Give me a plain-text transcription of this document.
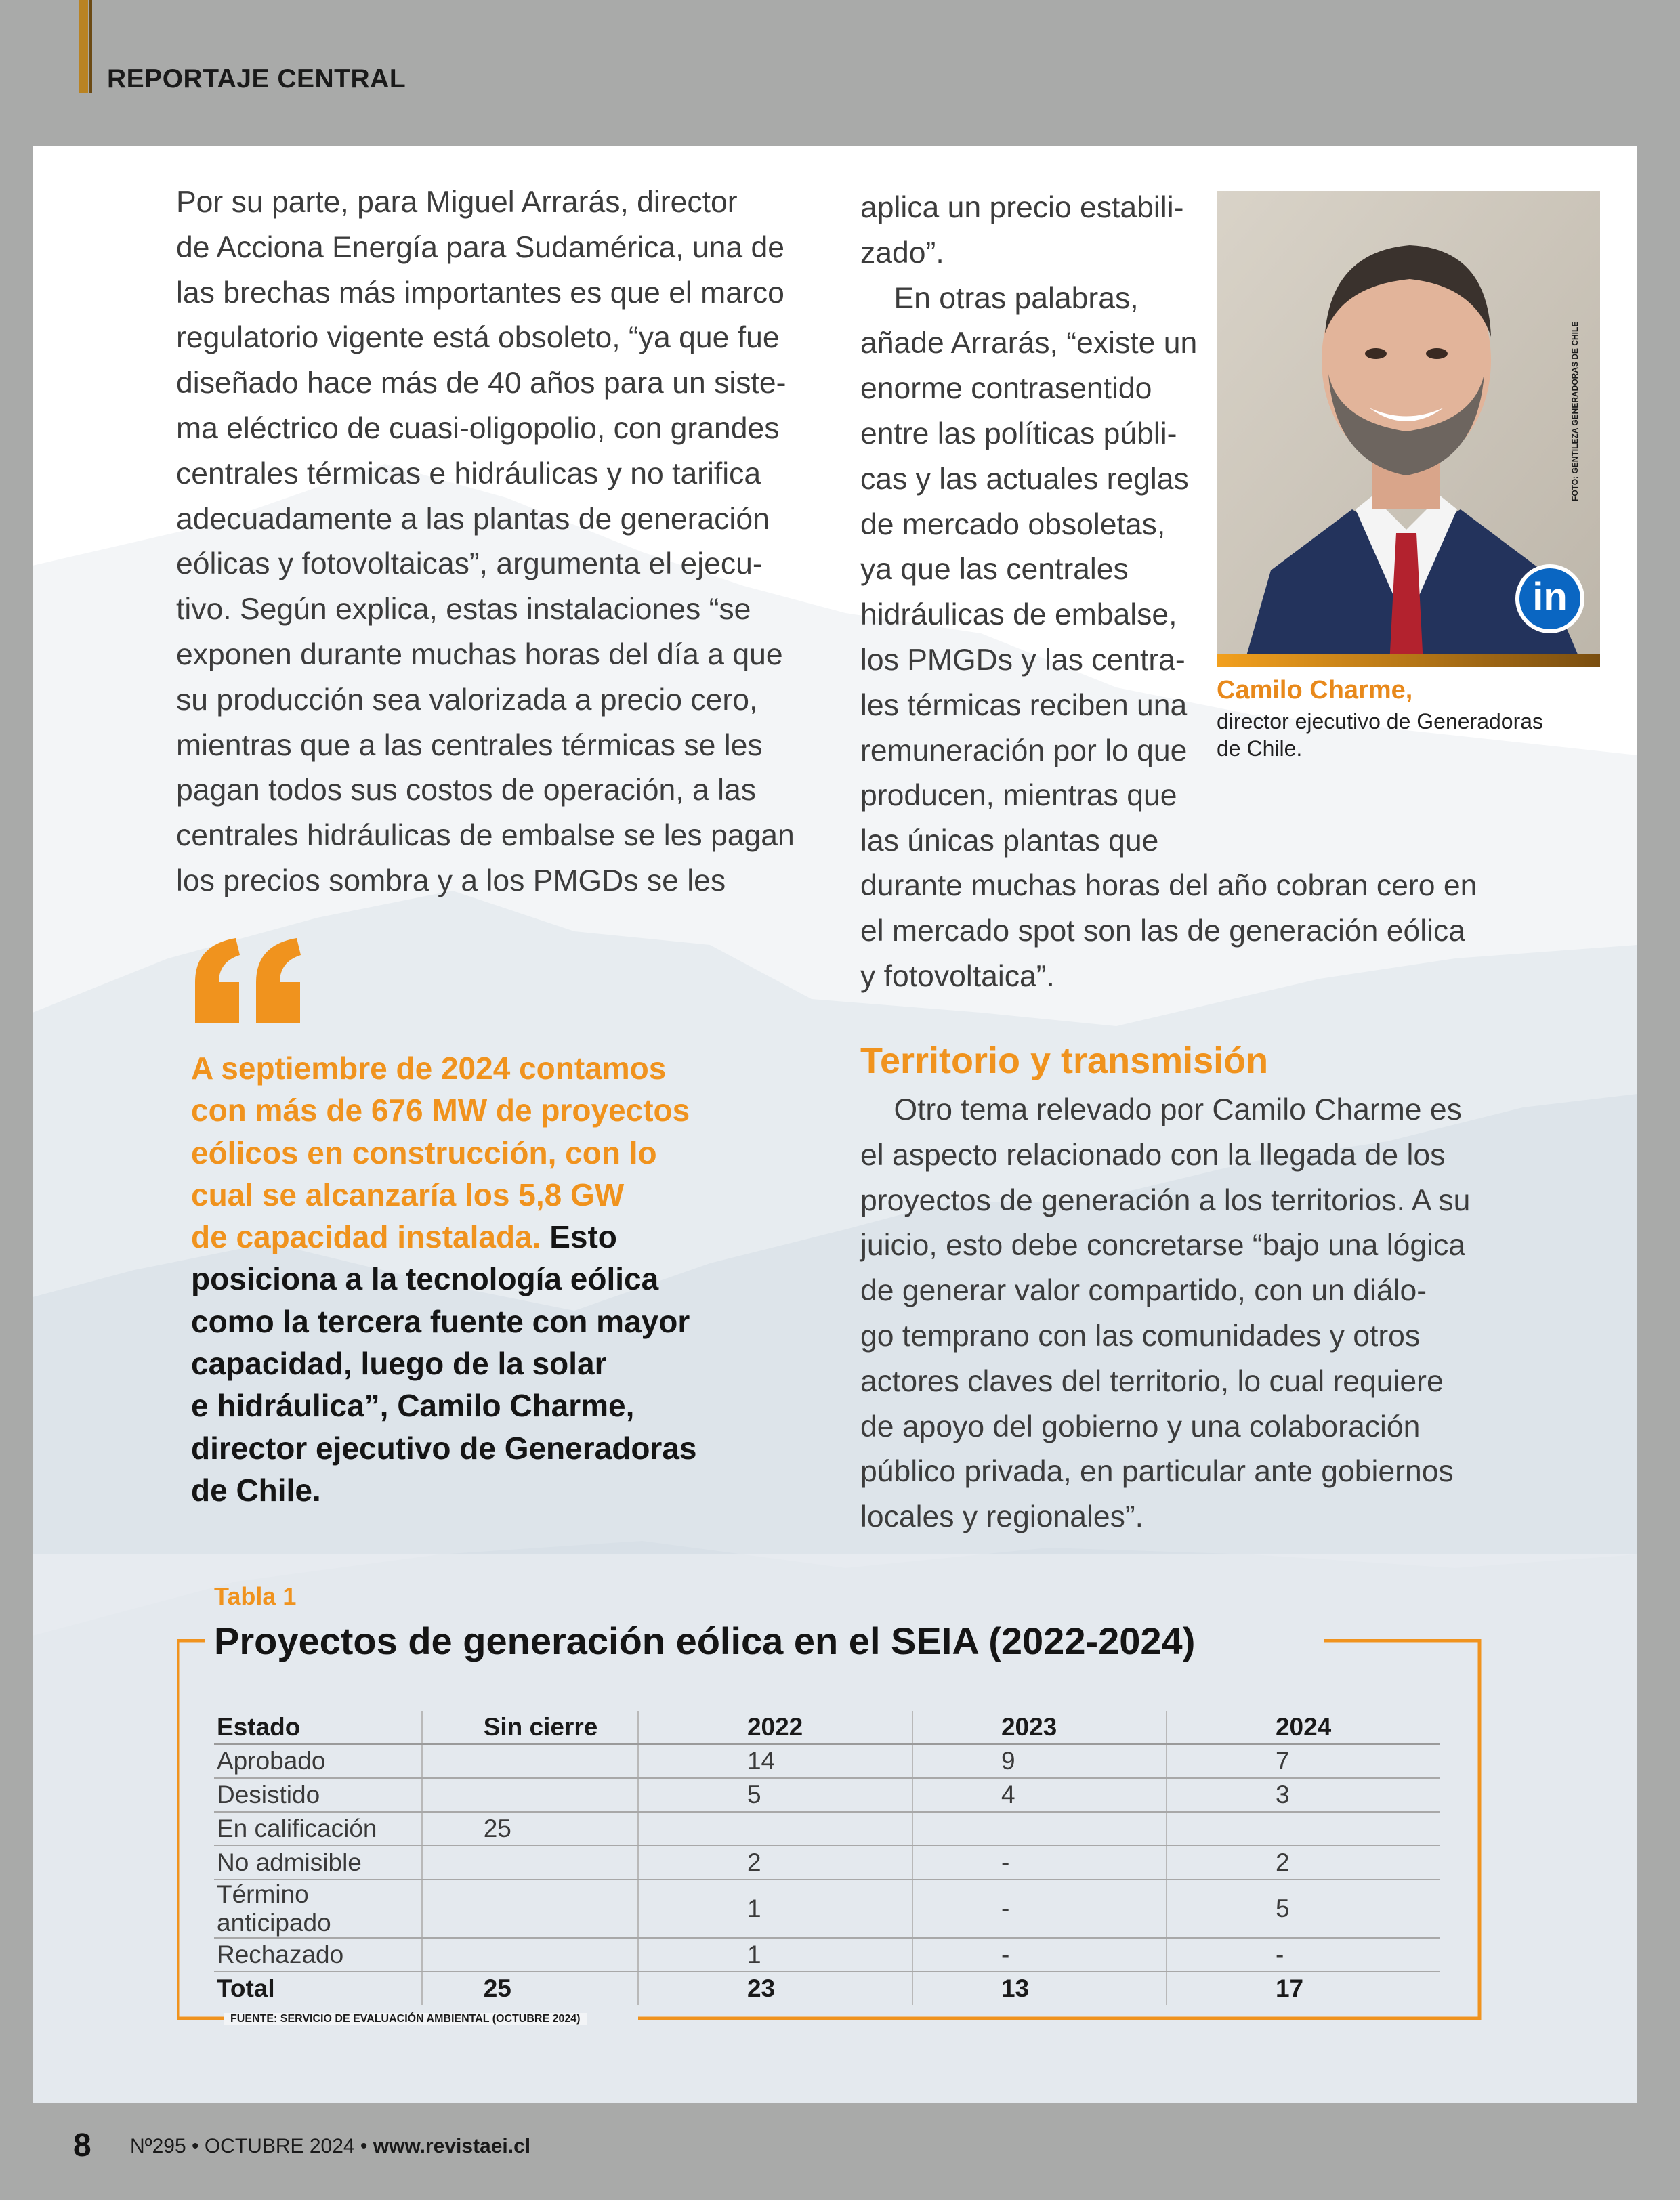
REPORTAJE CENTRAL
Por su parte, para Miguel Arrarás, director
de Acciona Energía para Sudamérica, una de
las brechas más importantes es que el marco
regulatorio vigente está obsoleto, “ya que fue
diseñado hace más de 40 años para un siste-
ma eléctrico de cuasi-oligopolio, con grandes
centrales térmicas e hidráulicas y no tarifica
adecuadamente a las plantas de generación
eólicas y fotovoltaicas”, argumenta el ejecu-
tivo. Según explica, estas instalaciones “se
exponen durante muchas horas del día a que
su producción sea valorizada a precio cero,
mientras que a las centrales térmicas se les
pagan todos sus costos de operación, a las
centrales hidráulicas de embalse se les pagan
los precios sombra y a los PMGDs se les
aplica un precio estabili-
zado”.
En otras palabras,
añade Arrarás, “existe un
enorme contrasentido
entre las políticas públi-
cas y las actuales reglas
de mercado obsoletas,
ya que las centrales
hidráulicas de embalse,
los PMGDs y las centra-
les térmicas reciben una
remuneración por lo que
producen, mientras que
las únicas plantas que
durante muchas horas del año cobran cero en
el mercado spot son las de generación eólica
y fotovoltaica”.
Territorio y transmisión
Otro tema relevado por Camilo Charme es
el aspecto relacionado con la llegada de los
proyectos de generación a los territorios. A su
juicio, esto debe concretarse “bajo una lógica
de generar valor compartido, con un diálo-
go temprano con las comunidades y otros
actores claves del territorio, lo cual requiere
de apoyo del gobierno y una colaboración
público privada, en particular ante gobiernos
locales y regionales”.
in
FOTO: GENTILEZA GENERADORAS DE CHILE
Camilo Charme,
director ejecutivo de Generadoras
de Chile.
A septiembre de 2024 contamos
con más de 676 MW de proyectos
eólicos en construcción, con lo
cual se alcanzaría los 5,8 GW
de capacidad instalada. Esto
posiciona a la tecnología eólica
como la tercera fuente con mayor
capacidad, luego de la solar
e hidráulica”, Camilo Charme,
director ejecutivo de Generadoras
de Chile.
Tabla 1
Proyectos de generación eólica en el SEIA (2022-2024)
Estado	Sin cierre	2022	2023	2024
Aprobado		14	9	7
Desistido		5	4	3
En calificación	25			
No admisible		2	-	2
Término anticipado		1	-	5
Rechazado		1	-	-
Total	25	23	13	17
FUENTE: SERVICIO DE EVALUACIÓN AMBIENTAL (OCTUBRE 2024)
8 Nº295 • OCTUBRE 2024 • www.revistaei.cl
